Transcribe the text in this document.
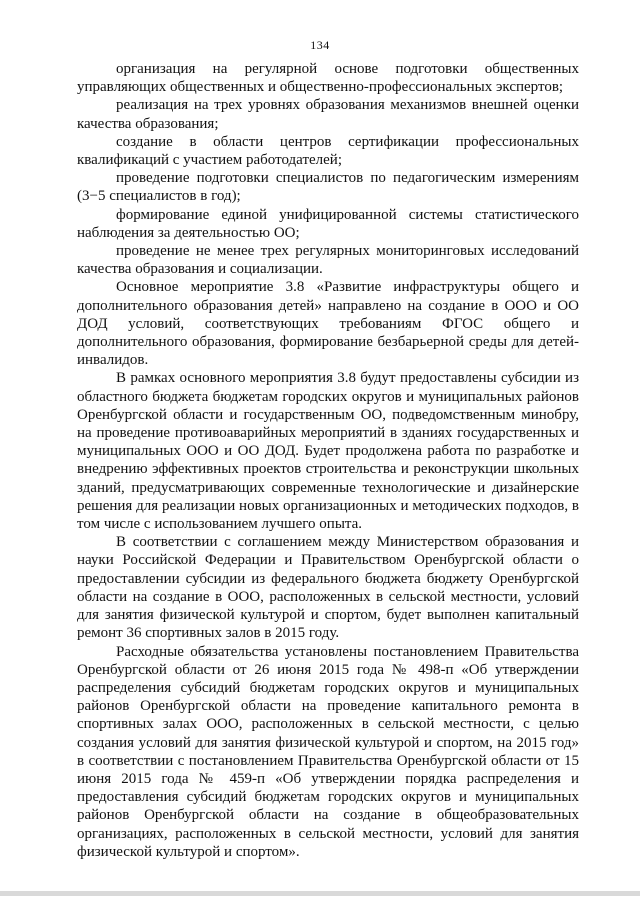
134

организация на регулярной основе подготовки общественных управляющих общественных и общественно-профессиональных экспертов;

реализация на трех уровнях образования механизмов внешней оценки качества образования;

создание в области центров сертификации профессиональных квалификаций с участием работодателей;

проведение подготовки специалистов по педагогическим измерениям (3−5 специалистов в год);

формирование единой унифицированной системы статистического наблюдения за деятельностью ОО;

проведение не менее трех регулярных мониторинговых исследований качества образования и социализации.

Основное мероприятие 3.8 «Развитие инфраструктуры общего и дополнительного образования детей» направлено на создание в ООО и ОО ДОД условий, соответствующих требованиям ФГОС общего и дополнительного образования, формирование безбарьерной среды для детей-инвалидов.

В рамках основного мероприятия 3.8 будут предоставлены субсидии из областного бюджета бюджетам городских округов и муниципальных районов Оренбургской области и государственным ОО, подведомственным минобру, на проведение противоаварийных мероприятий в зданиях государственных и муниципальных ООО и ОО ДОД. Будет продолжена работа по разработке и внедрению эффективных проектов строительства и реконструкции школьных зданий, предусматривающих современные технологические и дизайнерские решения для реализации новых организационных и методических подходов, в том числе с использованием лучшего опыта.

В соответствии с соглашением между Министерством образования и науки Российской Федерации и Правительством Оренбургской области о предоставлении субсидии из федерального бюджета бюджету Оренбургской области на создание в ООО, расположенных в сельской местности, условий для занятия физической культурой и спортом, будет выполнен капитальный ремонт 36 спортивных залов в 2015 году.

Расходные обязательства установлены постановлением Правительства Оренбургской области от 26 июня 2015 года № 498-п «Об утверждении распределения субсидий бюджетам городских округов и муниципальных районов Оренбургской области на проведение капитального ремонта в спортивных залах ООО, расположенных в сельской местности, с целью создания условий для занятия физической культурой и спортом, на 2015 год» в соответствии с постановлением Правительства Оренбургской области от 15 июня 2015 года № 459-п «Об утверждении порядка распределения и предоставления субсидий бюджетам городских округов и муниципальных районов Оренбургской области на создание в общеобразовательных организациях, расположенных в сельской местности, условий для занятия физической культурой и спортом».
